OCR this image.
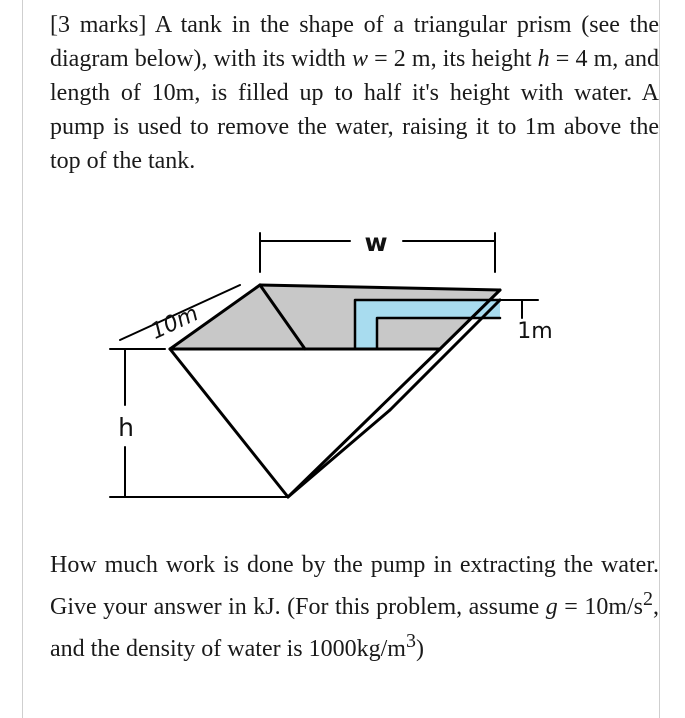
[3 marks] A tank in the shape of a triangular prism (see the diagram below), with its width w = 2 m, its height h = 4 m, and length of 10m, is filled up to half it's height with water. A pump is used to remove the water, raising it to 1m above the top of the tank.

w
10m
h
1m

How much work is done by the pump in extracting the water. Give your answer in kJ. (For this problem, assume $g = 10m/s^2$, and the density of water is $1000kg/m^3$)
